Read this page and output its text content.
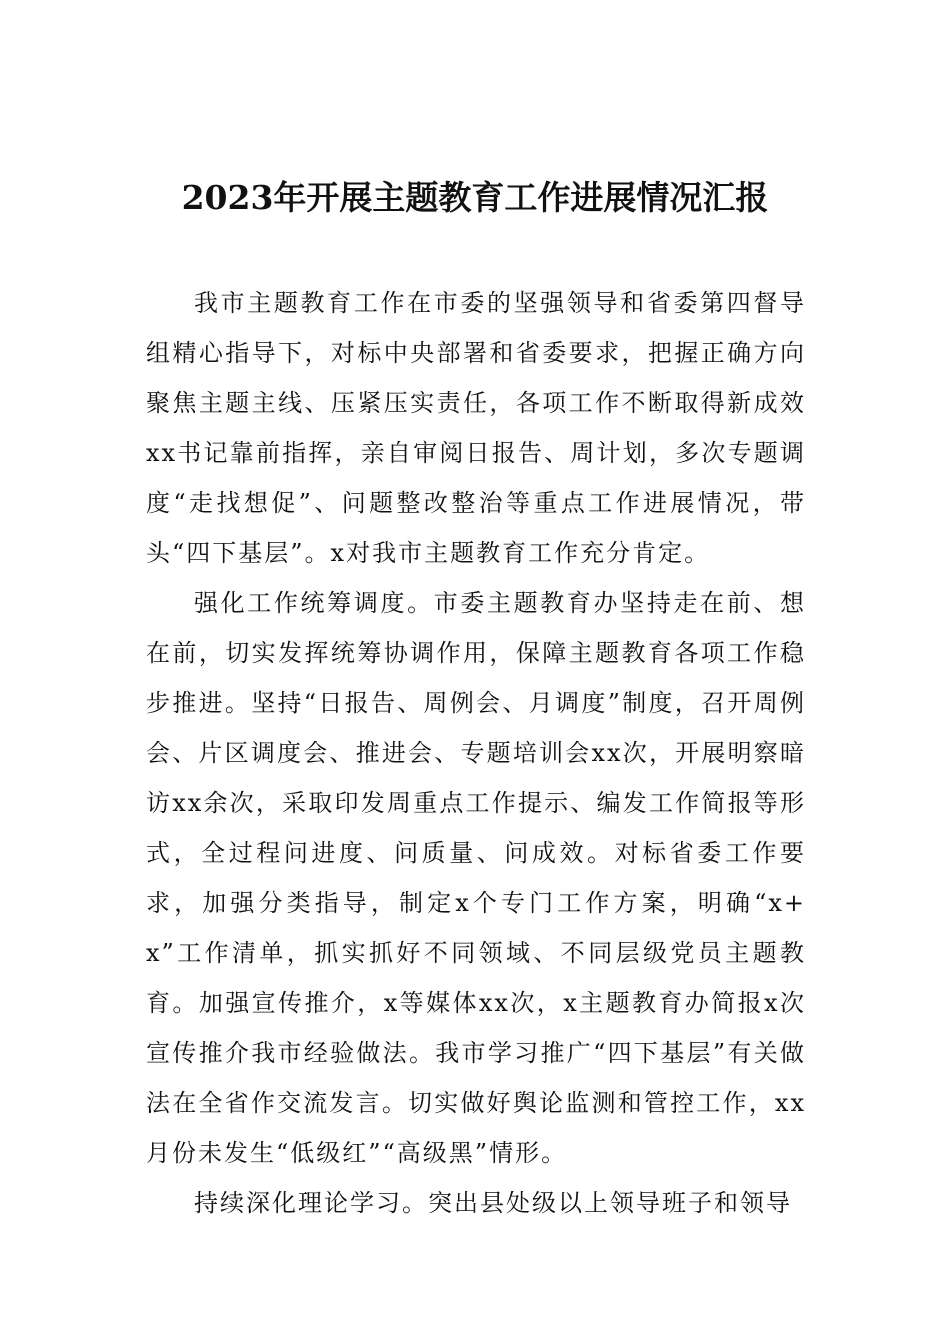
2023年开展主题教育工作进展情况汇报

我市主题教育工作在市委的坚强领导和省委第四督导组精心指导下，对标中央部署和省委要求，把握正确方向聚焦主题主线、压紧压实责任，各项工作不断取得新成效xx书记靠前指挥，亲自审阅日报告、周计划，多次专题调度“走找想促”、问题整改整治等重点工作进展情况，带头“四下基层”。x对我市主题教育工作充分肯定。

强化工作统筹调度。市委主题教育办坚持走在前、想在前，切实发挥统筹协调作用，保障主题教育各项工作稳步推进。坚持“日报告、周例会、月调度”制度，召开周例会、片区调度会、推进会、专题培训会xx次，开展明察暗访xx余次，采取印发周重点工作提示、编发工作简报等形式，全过程问进度、问质量、问成效。对标省委工作要求，加强分类指导，制定x个专门工作方案，明确“x+x”工作清单，抓实抓好不同领域、不同层级党员主题教育。加强宣传推介，x等媒体xx次，x主题教育办简报x次宣传推介我市经验做法。我市学习推广“四下基层”有关做法在全省作交流发言。切实做好舆论监测和管控工作，xx月份未发生“低级红”“高级黑”情形。

持续深化理论学习。突出县处级以上领导班子和领导
